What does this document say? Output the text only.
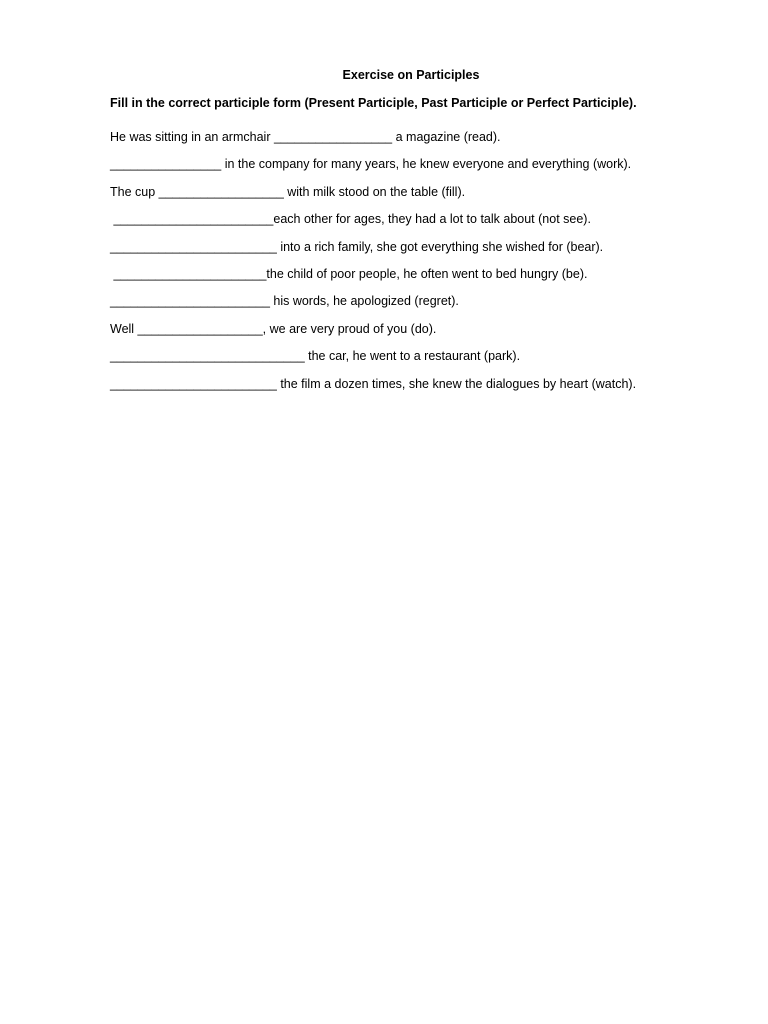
Exercise on Participles
Fill in the correct participle form (Present Participle, Past Participle or Perfect Participle).
He was sitting in an armchair _________________ a magazine (read).
________________ in the company for many years, he knew everyone and everything (work).
The cup __________________ with milk stood on the table (fill).
_______________________each other for ages, they had a lot to talk about (not see).
________________________ into a rich family, she got everything she wished for (bear).
______________________the child of poor people, he often went to bed hungry (be).
_______________________ his words, he apologized (regret).
Well __________________, we are very proud of you (do).
____________________________ the car, he went to a restaurant (park).
________________________ the film a dozen times, she knew the dialogues by heart (watch).
